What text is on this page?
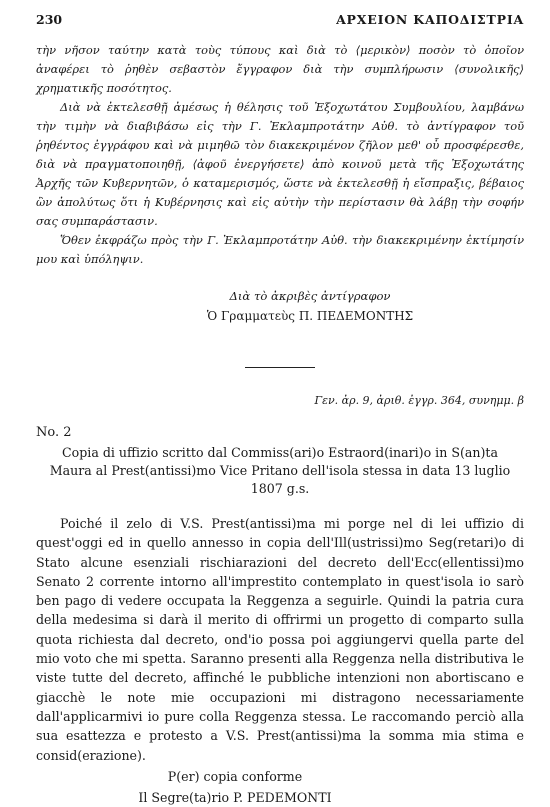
230	ΑΡΧΕΙΟΝ ΚΑΠΟΔΙΣΤΡΙΑ

τὴν νῆσον ταύτην κατὰ τοὺς τύπους καὶ διὰ τὸ ⟨μερικὸν⟩ ποσὸν τὸ ὁποῖον ἀναφέρει τὸ ῥηθὲν σεβαστὸν ἔγγραφον διὰ τὴν συμπλήρωσιν ⟨συνολικῆς⟩ χρηματικῆς ποσότητος.

Διὰ νὰ ἐκτελεσθῇ ἀμέσως ἡ θέλησις τοῦ Ἐξοχωτάτου Συμβουλίου, λαμβάνω τὴν τιμὴν νὰ διαβιβάσω εἰς τὴν Γ. Ἐκλαμπροτάτην Αὐθ. τὸ ἀντίγραφον τοῦ ῥηθέντος ἐγγράφου καὶ νὰ μιμηθῶ τὸν διακεκριμένον ζῆλον μεθ' οὗ προσφέρεσθε, διὰ νὰ πραγματοποιηθῇ, ⟨ἀφοῦ ἐνεργήσετε⟩ ἀπὸ κοινοῦ μετὰ τῆς Ἐξοχωτάτης Ἀρχῆς τῶν Κυβερνητῶν, ὁ καταμερισμός, ὥστε νὰ ἐκτελεσθῇ ἡ εἴσπραξις, βέβαιος ὢν ἀπολύτως ὅτι ἡ Κυβέρνησις καὶ εἰς αὐτὴν τὴν περίστασιν θὰ λάβῃ τὴν σοφήν σας συμπαράστασιν.

Ὅθεν ἐκφράζω πρὸς τὴν Γ. Ἐκλαμπροτάτην Αὐθ. τὴν διακεκριμένην ἐκτίμησίν μου καὶ ὑπόληψιν.

Διὰ τὸ ἀκριβὲς ἀντίγραφον
Ὁ Γραμματεὺς Π. ΠΕΔΕΜΟΝΤΗΣ
Γεν. ἀρ. 9, ἀριθ. ἐγγρ. 364, συνημμ. β
No. 2
Copia di uffizio scritto dal Commiss(ari)o Estraord(inari)o in S(an)ta Maura al Prest(antissi)mo Vice Pritano dell'isola stessa in data 13 luglio 1807 g.s.
Poiché il zelo di V.S. Prest(antissi)ma mi porge nel di lei uffizio di quest'oggi ed in quello annesso in copia dell'Ill(ustrissi)mo Seg(retari)o di Stato alcune esenziali rischiarazioni del decreto dell'Ecc(ellentissi)mo Senato 2 corrente intorno all'imprestito contemplato in quest'isola io sarò ben pago di vedere occupata la Reggenza a seguirle. Quindi la patria cura della medesima si darà il merito di offrirmi un progetto di comparto sulla quota richiesta dal decreto, ond'io possa poi aggiungervi quella parte del mio voto che mi spetta. Saranno presenti alla Reggenza nella distributiva le viste tutte del decreto, affinché le pubbliche intenzioni non abortiscano e giacchè le note mie occupazioni mi distragono necessariamente dall'applicarmivi io pure colla Reggenza stessa. Le raccomando perciò alla sua esattezza e protesto a V.S. Prest(antissi)ma la somma mia stima e consid(erazione).
P(er) copia conforme
Il Segre(ta)rio P. PEDEMONTI
